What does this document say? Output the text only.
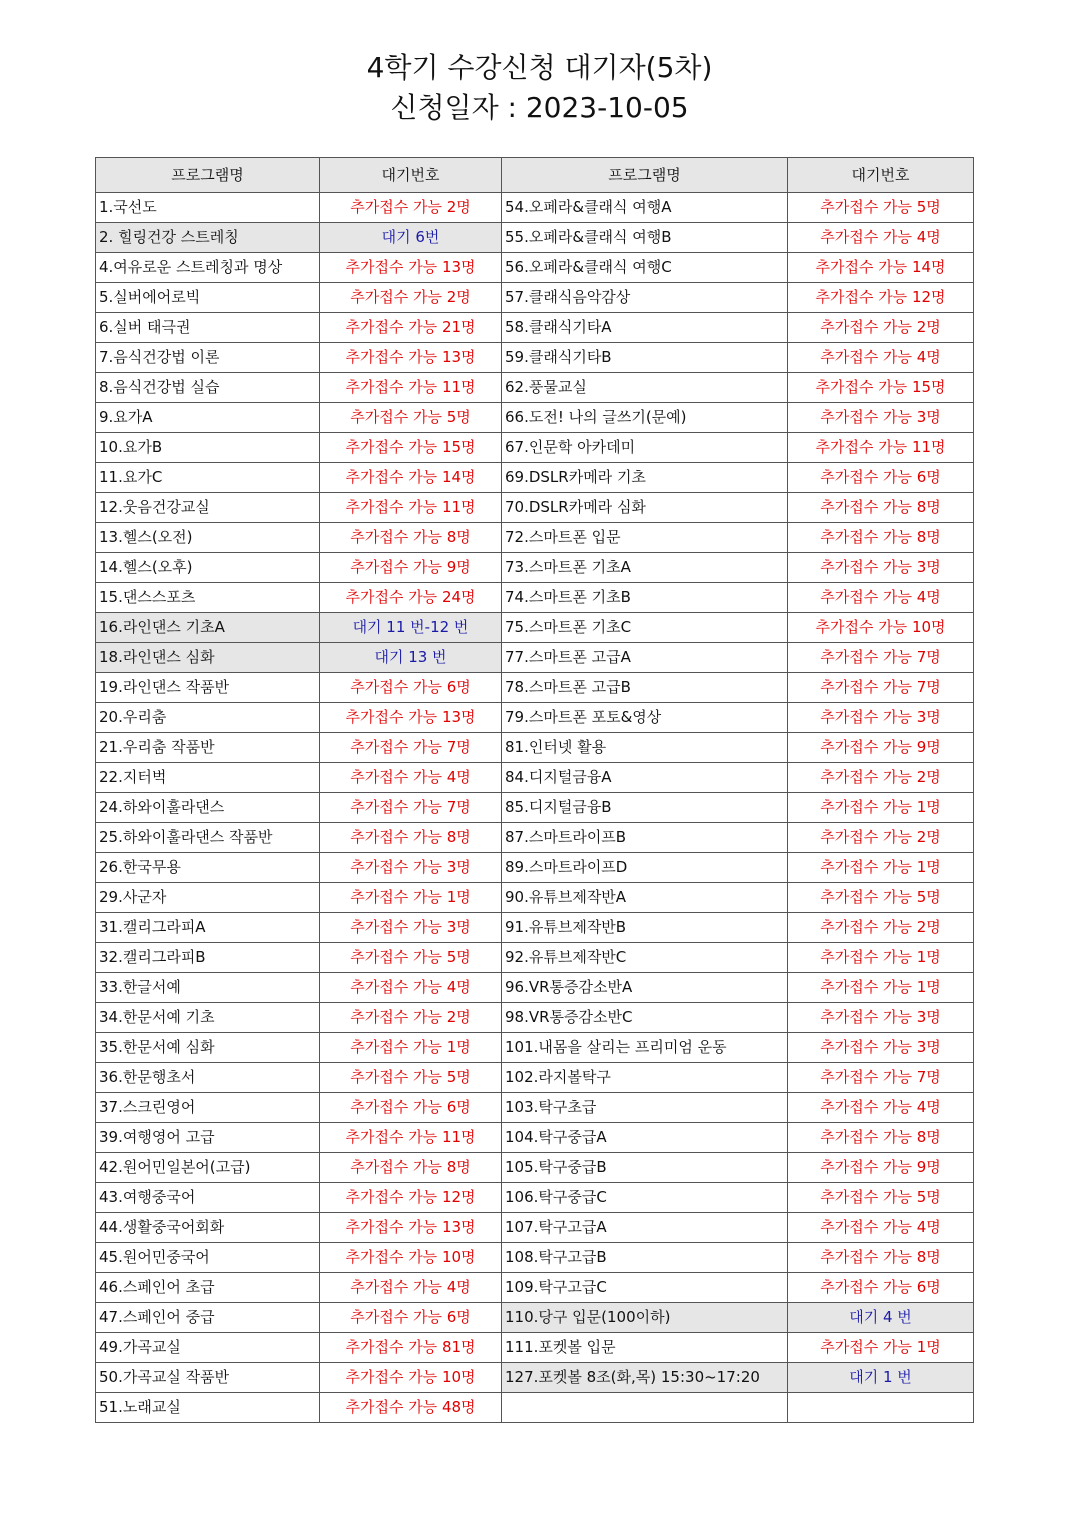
4학기 수강신청 대기자(5차)
신청일자 : 2023-10-05
프로그램명	대기번호	프로그램명	대기번호
1.국선도	추가접수 가능 2명	54.오페라&클래식 여행A	추가접수 가능 5명
2. 힐링건강 스트레칭	대기 6번	55.오페라&클래식 여행B	추가접수 가능 4명
4.여유로운 스트레칭과 명상	추가접수 가능 13명	56.오페라&클래식 여행C	추가접수 가능 14명
5.실버에어로빅	추가접수 가능 2명	57.클래식음악감상	추가접수 가능 12명
6.실버 태극권	추가접수 가능 21명	58.클래식기타A	추가접수 가능 2명
7.음식건강법 이론	추가접수 가능 13명	59.클래식기타B	추가접수 가능 4명
8.음식건강법 실습	추가접수 가능 11명	62.풍물교실	추가접수 가능 15명
9.요가A	추가접수 가능 5명	66.도전! 나의 글쓰기(문예)	추가접수 가능 3명
10.요가B	추가접수 가능 15명	67.인문학 아카데미	추가접수 가능 11명
11.요가C	추가접수 가능 14명	69.DSLR카메라 기초	추가접수 가능 6명
12.웃음건강교실	추가접수 가능 11명	70.DSLR카메라 심화	추가접수 가능 8명
13.헬스(오전)	추가접수 가능 8명	72.스마트폰 입문	추가접수 가능 8명
14.헬스(오후)	추가접수 가능 9명	73.스마트폰 기초A	추가접수 가능 3명
15.댄스스포츠	추가접수 가능 24명	74.스마트폰 기초B	추가접수 가능 4명
16.라인댄스 기초A	대기 11 번-12 번	75.스마트폰 기초C	추가접수 가능 10명
18.라인댄스 심화	대기 13 번	77.스마트폰 고급A	추가접수 가능 7명
19.라인댄스 작품반	추가접수 가능 6명	78.스마트폰 고급B	추가접수 가능 7명
20.우리춤	추가접수 가능 13명	79.스마트폰 포토&영상	추가접수 가능 3명
21.우리춤 작품반	추가접수 가능 7명	81.인터넷 활용	추가접수 가능 9명
22.지터벅	추가접수 가능 4명	84.디지털금융A	추가접수 가능 2명
24.하와이훌라댄스	추가접수 가능 7명	85.디지털금융B	추가접수 가능 1명
25.하와이훌라댄스 작품반	추가접수 가능 8명	87.스마트라이프B	추가접수 가능 2명
26.한국무용	추가접수 가능 3명	89.스마트라이프D	추가접수 가능 1명
29.사군자	추가접수 가능 1명	90.유튜브제작반A	추가접수 가능 5명
31.캘리그라피A	추가접수 가능 3명	91.유튜브제작반B	추가접수 가능 2명
32.캘리그라피B	추가접수 가능 5명	92.유튜브제작반C	추가접수 가능 1명
33.한글서예	추가접수 가능 4명	96.VR통증감소반A	추가접수 가능 1명
34.한문서예 기초	추가접수 가능 2명	98.VR통증감소반C	추가접수 가능 3명
35.한문서예 심화	추가접수 가능 1명	101.내몸을 살리는 프리미엄 운동	추가접수 가능 3명
36.한문행초서	추가접수 가능 5명	102.라지볼탁구	추가접수 가능 7명
37.스크린영어	추가접수 가능 6명	103.탁구초급	추가접수 가능 4명
39.여행영어 고급	추가접수 가능 11명	104.탁구중급A	추가접수 가능 8명
42.원어민일본어(고급)	추가접수 가능 8명	105.탁구중급B	추가접수 가능 9명
43.여행중국어	추가접수 가능 12명	106.탁구중급C	추가접수 가능 5명
44.생활중국어회화	추가접수 가능 13명	107.탁구고급A	추가접수 가능 4명
45.원어민중국어	추가접수 가능 10명	108.탁구고급B	추가접수 가능 8명
46.스페인어 초급	추가접수 가능 4명	109.탁구고급C	추가접수 가능 6명
47.스페인어 중급	추가접수 가능 6명	110.당구 입문(100이하)	대기 4 번
49.가곡교실	추가접수 가능 81명	111.포켓볼 입문	추가접수 가능 1명
50.가곡교실 작품반	추가접수 가능 10명	127.포켓볼 8조(화,목) 15:30~17:20	대기 1 번
51.노래교실	추가접수 가능 48명		
